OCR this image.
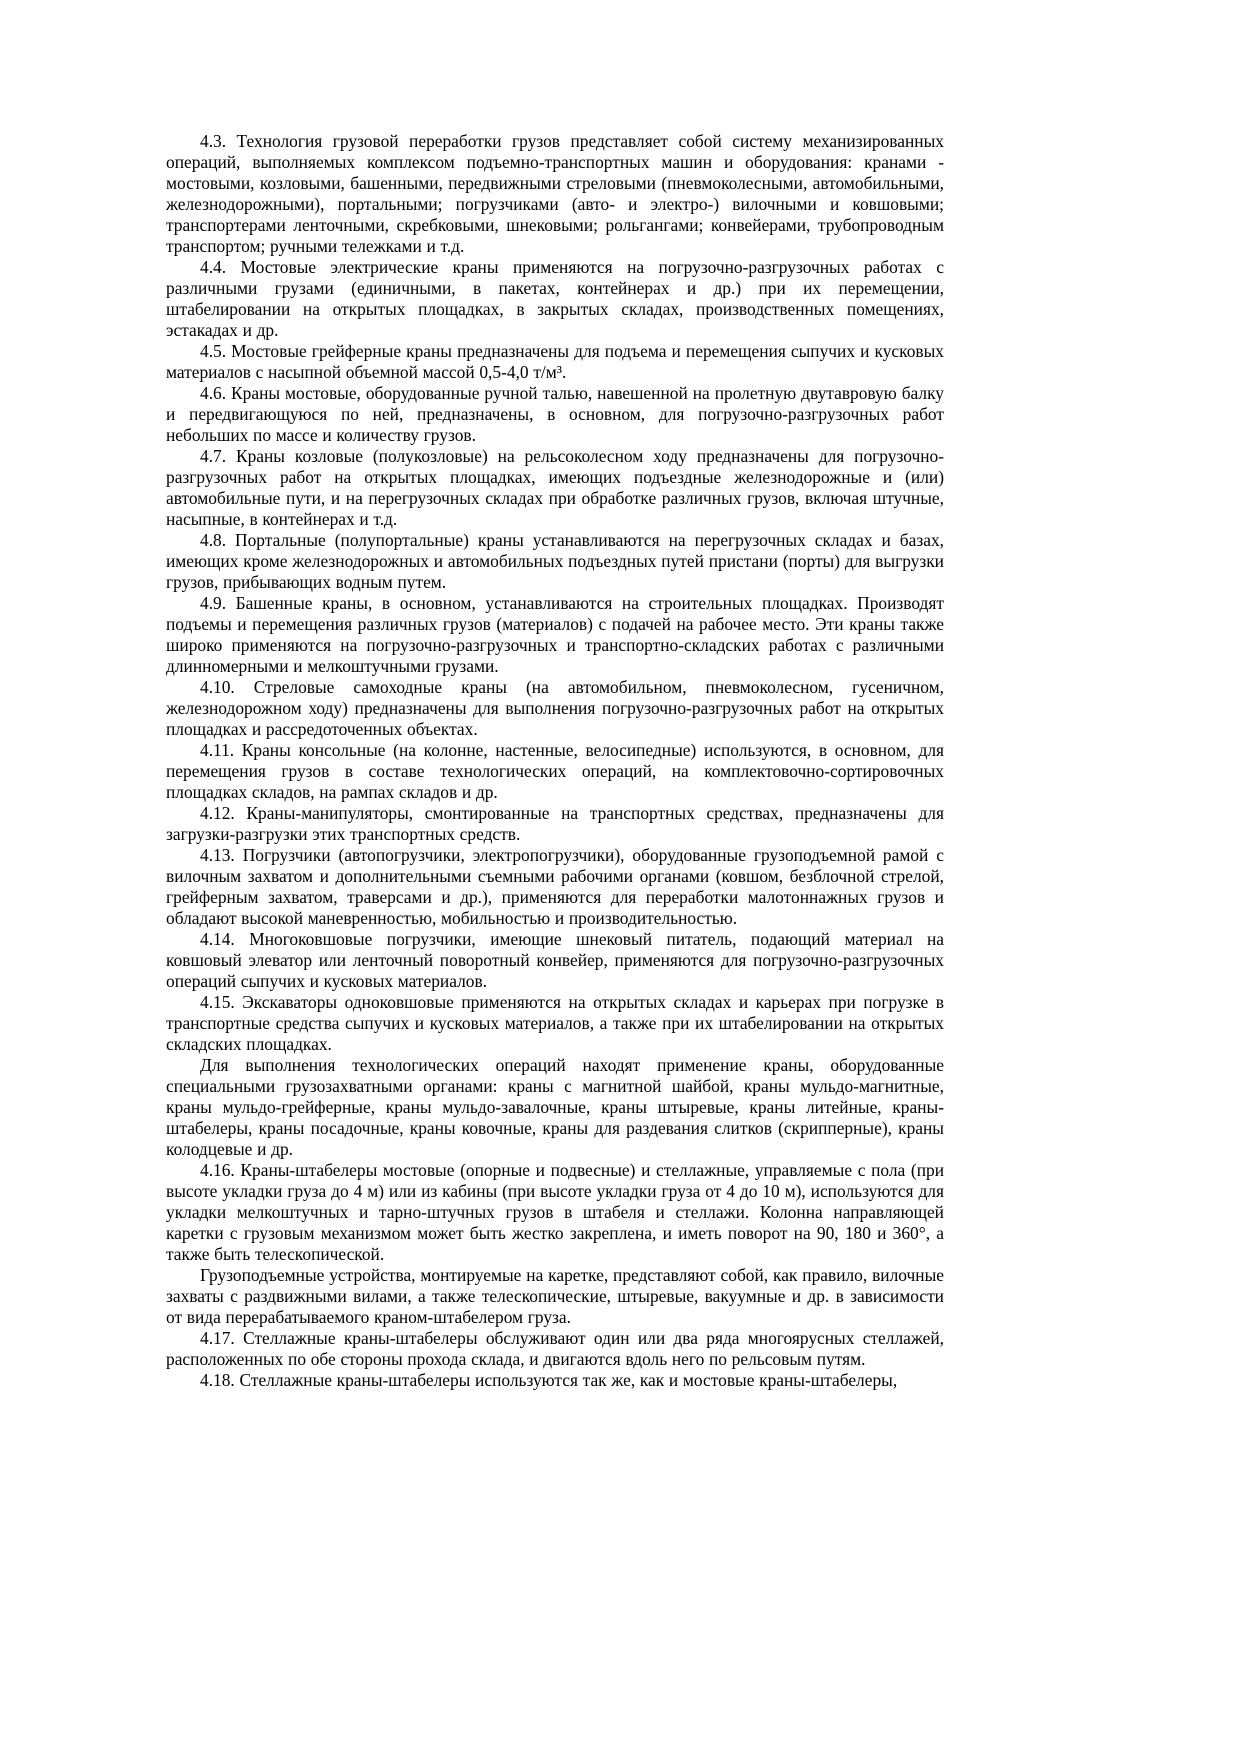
4.3. Технология грузовой переработки грузов представляет собой систему механизированных операций, выполняемых комплексом подъемно-транспортных машин и оборудования: кранами - мостовыми, козловыми, башенными, передвижными стреловыми (пневмоколесными, автомобильными, железнодорожными), портальными; погрузчиками (авто- и электро-) вилочными и ковшовыми; транспортерами ленточными, скребковыми, шнековыми; рольгангами; конвейерами, трубопроводным транспортом; ручными тележками и т.д.

4.4. Мостовые электрические краны применяются на погрузочно-разгрузочных работах с различными грузами (единичными, в пакетах, контейнерах и др.) при их перемещении, штабелировании на открытых площадках, в закрытых складах, производственных помещениях, эстакадах и др.

4.5. Мостовые грейферные краны предназначены для подъема и перемещения сыпучих и кусковых материалов с насыпной объемной массой 0,5-4,0 т/м³.

4.6. Краны мостовые, оборудованные ручной талью, навешенной на пролетную двутавровую балку и передвигающуюся по ней, предназначены, в основном, для погрузочно-разгрузочных работ небольших по массе и количеству грузов.

4.7. Краны козловые (полукозловые) на рельсоколесном ходу предназначены для погрузочно-разгрузочных работ на открытых площадках, имеющих подъездные железнодорожные и (или) автомобильные пути, и на перегрузочных складах при обработке различных грузов, включая штучные, насыпные, в контейнерах и т.д.

4.8. Портальные (полупортальные) краны устанавливаются на перегрузочных складах и базах, имеющих кроме железнодорожных и автомобильных подъездных путей пристани (порты) для выгрузки грузов, прибывающих водным путем.

4.9. Башенные краны, в основном, устанавливаются на строительных площадках. Производят подъемы и перемещения различных грузов (материалов) с подачей на рабочее место. Эти краны также широко применяются на погрузочно-разгрузочных и транспортно-складских работах с различными длинномерными и мелкоштучными грузами.

4.10. Стреловые самоходные краны (на автомобильном, пневмоколесном, гусеничном, железнодорожном ходу) предназначены для выполнения погрузочно-разгрузочных работ на открытых площадках и рассредоточенных объектах.

4.11. Краны консольные (на колонне, настенные, велосипедные) используются, в основном, для перемещения грузов в составе технологических операций, на комплектовочно-сортировочных площадках складов, на рампах складов и др.

4.12. Краны-манипуляторы, смонтированные на транспортных средствах, предназначены для загрузки-разгрузки этих транспортных средств.

4.13. Погрузчики (автопогрузчики, электропогрузчики), оборудованные грузоподъемной рамой с вилочным захватом и дополнительными съемными рабочими органами (ковшом, безблочной стрелой, грейферным захватом, траверсами и др.), применяются для переработки малотоннажных грузов и обладают высокой маневренностью, мобильностью и производительностью.

4.14. Многоковшовые погрузчики, имеющие шнековый питатель, подающий материал на ковшовый элеватор или ленточный поворотный конвейер, применяются для погрузочно-разгрузочных операций сыпучих и кусковых материалов.

4.15. Экскаваторы одноковшовые применяются на открытых складах и карьерах при погрузке в транспортные средства сыпучих и кусковых материалов, а также при их штабелировании на открытых складских площадках.

Для выполнения технологических операций находят применение краны, оборудованные специальными грузозахватными органами: краны с магнитной шайбой, краны мульдо-магнитные, краны мульдо-грейферные, краны мульдо-завалочные, краны штыревые, краны литейные, краны-штабелеры, краны посадочные, краны ковочные, краны для раздевания слитков (скрипперные), краны колодцевые и др.

4.16. Краны-штабелеры мостовые (опорные и подвесные) и стеллажные, управляемые с пола (при высоте укладки груза до 4 м) или из кабины (при высоте укладки груза от 4 до 10 м), используются для укладки мелкоштучных и тарно-штучных грузов в штабеля и стеллажи. Колонна направляющей каретки с грузовым механизмом может быть жестко закреплена, и иметь поворот на 90, 180 и 360°, а также быть телескопической.

Грузоподъемные устройства, монтируемые на каретке, представляют собой, как правило, вилочные захваты с раздвижными вилами, а также телескопические, штыревые, вакуумные и др. в зависимости от вида перерабатываемого краном-штабелером груза.

4.17. Стеллажные краны-штабелеры обслуживают один или два ряда многоярусных стеллажей, расположенных по обе стороны прохода склада, и двигаются вдоль него по рельсовым путям.

4.18. Стеллажные краны-штабелеры используются так же, как и мостовые краны-штабелеры,
